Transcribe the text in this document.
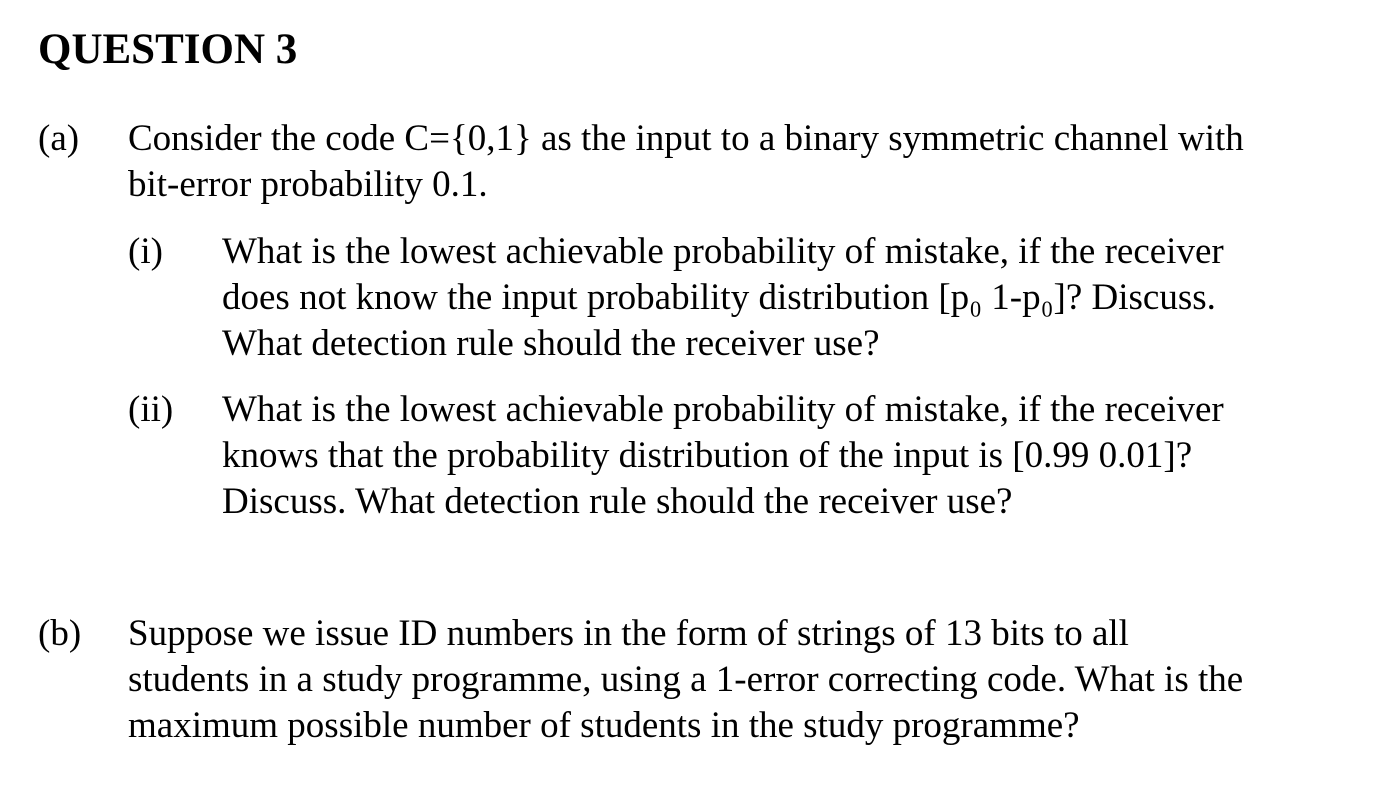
QUESTION 3
(a) Consider the code C={0,1} as the input to a binary symmetric channel with
bit-error probability 0.1.
(i) What is the lowest achievable probability of mistake, if the receiver
does not know the input probability distribution [p₀ 1-p₀]? Discuss.
What detection rule should the receiver use?
(ii) What is the lowest achievable probability of mistake, if the receiver
knows that the probability distribution of the input is [0.99 0.01]?
Discuss. What detection rule should the receiver use?
(b) Suppose we issue ID numbers in the form of strings of 13 bits to all
students in a study programme, using a 1-error correcting code. What is the
maximum possible number of students in the study programme?
